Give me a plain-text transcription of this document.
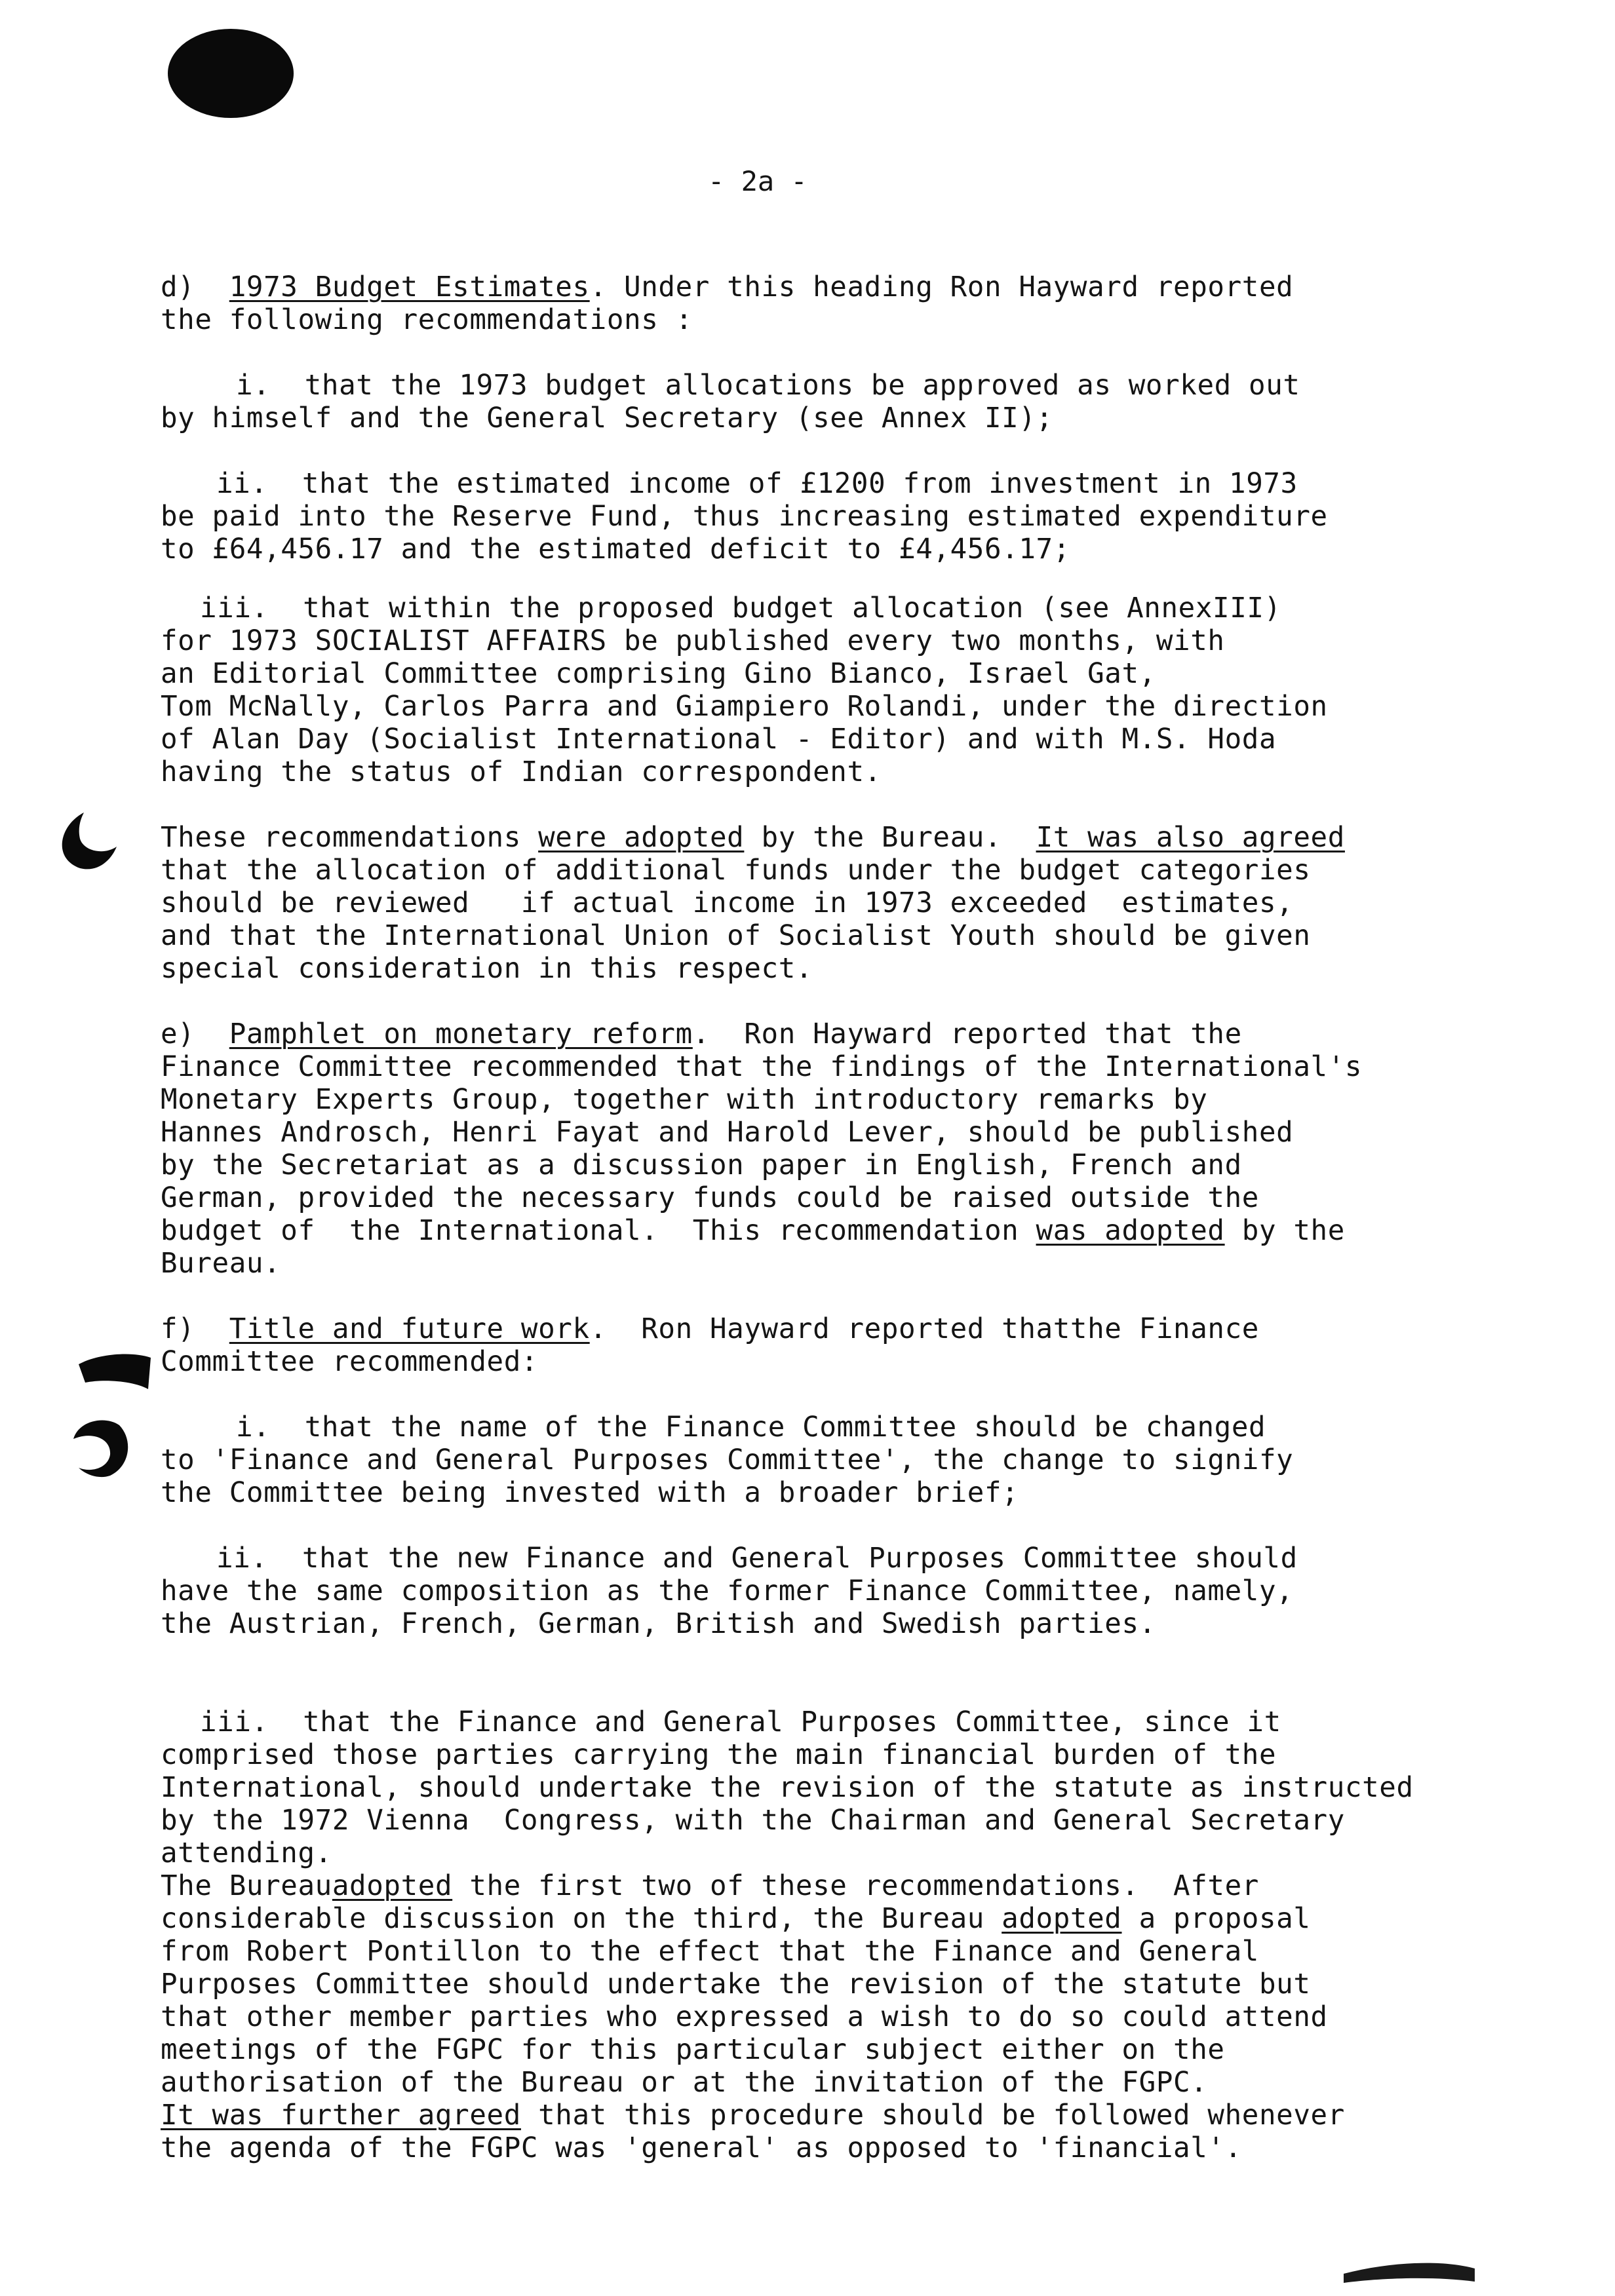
- 2a -
d)  1973 Budget Estimates. Under this heading Ron Hayward reported
the following recommendations :
i.  that the 1973 budget allocations be approved as worked out
by himself and the General Secretary (see Annex II);
ii.  that the estimated income of £1200 from investment in 1973
be paid into the Reserve Fund, thus increasing estimated expenditure
to £64,456.17 and the estimated deficit to £4,456.17;
iii.  that within the proposed budget allocation (see AnnexIII)
for 1973 SOCIALIST AFFAIRS be published every two months, with
an Editorial Committee comprising Gino Bianco, Israel Gat,
Tom McNally, Carlos Parra and Giampiero Rolandi, under the direction
of Alan Day (Socialist International - Editor) and with M.S. Hoda
having the status of Indian correspondent.
These recommendations were adopted by the Bureau.  It was also agreed
that the allocation of additional funds under the budget categories
should be reviewed   if actual income in 1973 exceeded  estimates,
and that the International Union of Socialist Youth should be given
special consideration in this respect.
e)  Pamphlet on monetary reform.  Ron Hayward reported that the
Finance Committee recommended that the findings of the International's
Monetary Experts Group, together with introductory remarks by
Hannes Androsch, Henri Fayat and Harold Lever, should be published
by the Secretariat as a discussion paper in English, French and
German, provided the necessary funds could be raised outside the
budget of  the International.  This recommendation was adopted by the
Bureau.
f)  Title and future work.  Ron Hayward reported thatthe Finance
Committee recommended:
i.  that the name of the Finance Committee should be changed
to 'Finance and General Purposes Committee', the change to signify
the Committee being invested with a broader brief;
ii.  that the new Finance and General Purposes Committee should
have the same composition as the former Finance Committee, namely,
the Austrian, French, German, British and Swedish parties.
iii.  that the Finance and General Purposes Committee, since it
comprised those parties carrying the main financial burden of the
International, should undertake the revision of the statute as instructed
by the 1972 Vienna  Congress, with the Chairman and General Secretary
attending.
The Bureauadopted the first two of these recommendations.  After
considerable discussion on the third, the Bureau adopted a proposal
from Robert Pontillon to the effect that the Finance and General
Purposes Committee should undertake the revision of the statute but
that other member parties who expressed a wish to do so could attend
meetings of the FGPC for this particular subject either on the
authorisation of the Bureau or at the invitation of the FGPC.
It was further agreed that this procedure should be followed whenever
the agenda of the FGPC was 'general' as opposed to 'financial'.
